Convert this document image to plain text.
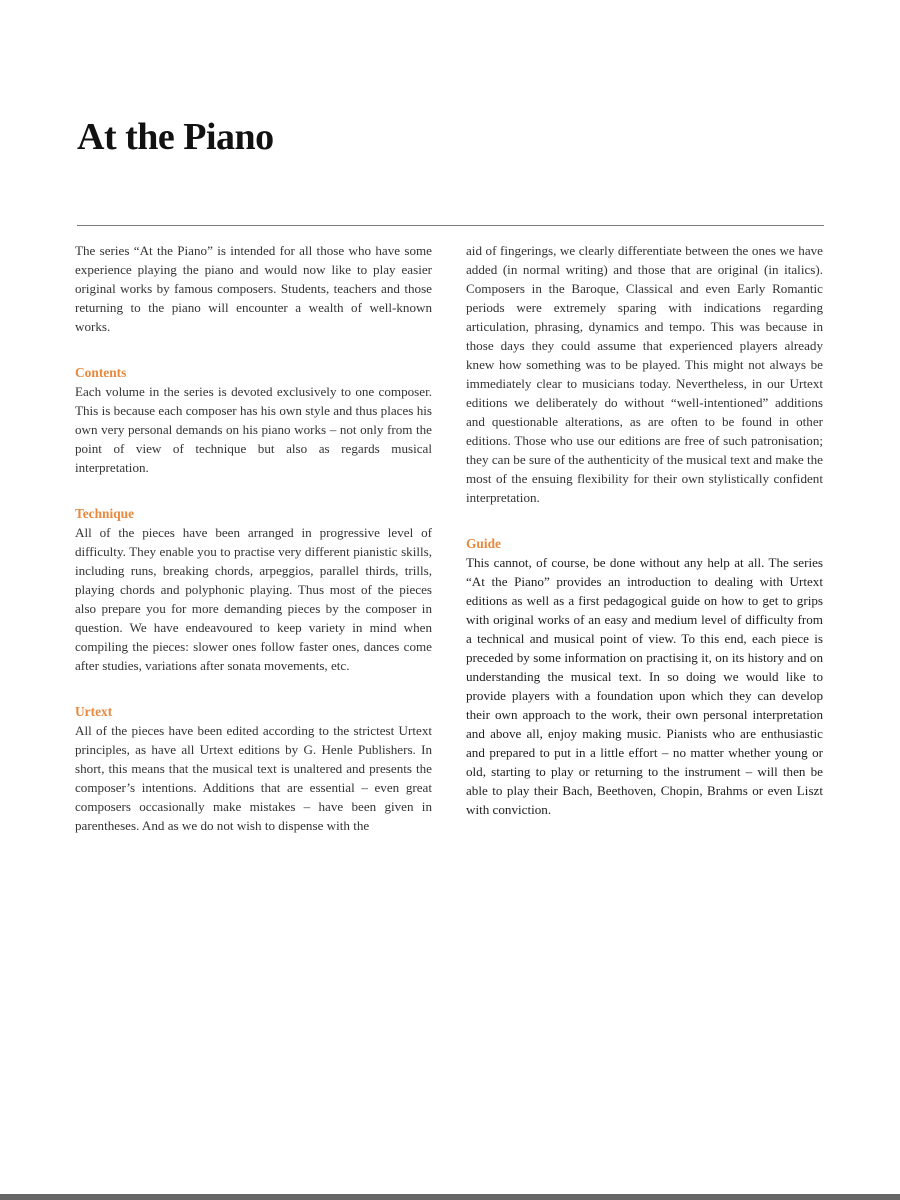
At the Piano

The series “At the Piano” is intended for all those who have some experience playing the piano and would now like to play easier original works by famous composers. Students, teachers and those returning to the piano will encounter a wealth of well-known works.

Contents

Each volume in the series is devoted exclusively to one composer. This is because each composer has his own style and thus places his own very personal demands on his piano works – not only from the point of view of technique but also as regards musical interpretation.

Technique

All of the pieces have been arranged in progressive level of difficulty. They enable you to practise very different pianistic skills, including runs, breaking chords, arpeggios, parallel thirds, trills, playing chords and polyphonic playing. Thus most of the pieces also prepare you for more demanding pieces by the composer in question. We have endeavoured to keep variety in mind when compiling the pieces: slower ones follow faster ones, dances come after studies, variations after sonata movements, etc.

Urtext

All of the pieces have been edited according to the strictest Urtext principles, as have all Urtext editions by G. Henle Publishers. In short, this means that the musical text is unaltered and presents the composer’s intentions. Additions that are essential – even great composers occasionally make mistakes – have been given in parentheses. And as we do not wish to dispense with the

aid of fingerings, we clearly differentiate between the ones we have added (in normal writing) and those that are original (in italics). Composers in the Baroque, Classical and even Early Romantic periods were extremely sparing with indications regarding articulation, phrasing, dynamics and tempo. This was because in those days they could assume that experienced players already knew how something was to be played. This might not always be immediately clear to musicians today. Nevertheless, in our Urtext editions we deliberately do without “well-intentioned” additions and questionable alterations, as are often to be found in other editions. Those who use our editions are free of such patronisation; they can be sure of the authenticity of the musical text and make the most of the ensuing flexibility for their own stylistically confident interpretation.

Guide

This cannot, of course, be done without any help at all. The series “At the Piano” provides an introduction to dealing with Urtext editions as well as a first pedagogical guide on how to get to grips with original works of an easy and medium level of difficulty from a technical and musical point of view. To this end, each piece is preceded by some information on practising it, on its history and on understanding the musical text. In so doing we would like to provide players with a foundation upon which they can develop their own approach to the work, their own personal interpretation and above all, enjoy making music. Pianists who are enthusiastic and prepared to put in a little effort – no matter whether young or old, starting to play or returning to the instrument – will then be able to play their Bach, Beethoven, Chopin, Brahms or even Liszt with conviction.
